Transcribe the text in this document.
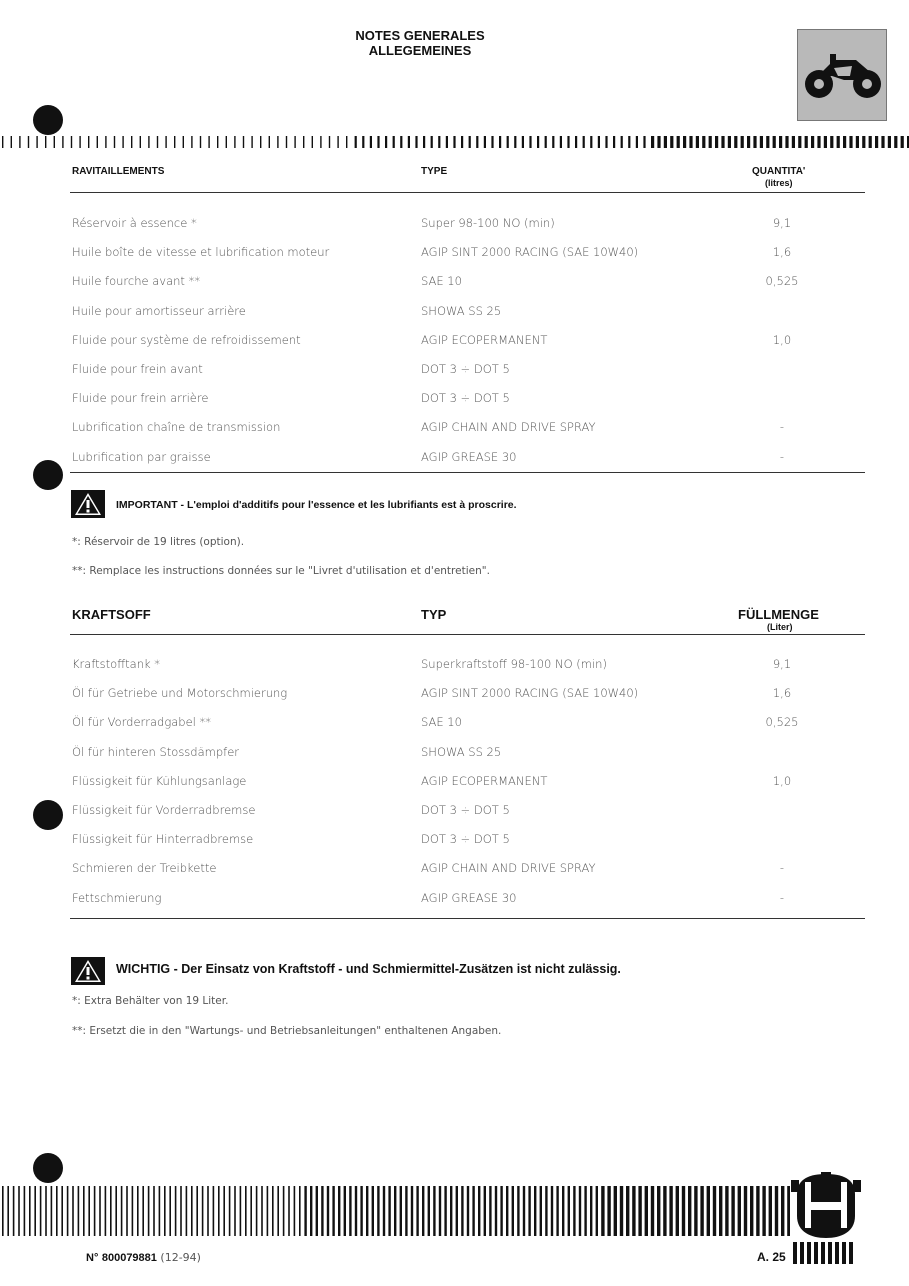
NOTES GENERALES
ALLEGEMEINES
RAVITAILLEMENTS	TYPE	QUANTITA'
(litres)
Réservoir à essence *	Super 98-100 NO (min)	9,1
Huile boîte de vitesse et lubrification moteur	AGIP SINT 2000 RACING (SAE 10W40)	1,6
Huile fourche avant **	SAE 10	0,525
Huile pour amortisseur arrière	SHOWA SS 25
Fluide pour système de refroidissement	AGIP ECOPERMANENT	1,0
Fluide pour frein avant	DOT 3 ÷ DOT 5
Fluide pour frein arrière	DOT 3 ÷ DOT 5
Lubrification chaîne de transmission	AGIP CHAIN AND DRIVE SPRAY	-
Lubrification par graisse	AGIP GREASE 30	-
IMPORTANT - L'emploi d'additifs pour l'essence et les lubrifiants est à proscrire.
*: Réservoir de 19 litres (option).
**: Remplace les instructions données sur le "Livret d'utilisation et d'entretien".
KRAFTSOFF	TYP	FÜLLMENGE
(Liter)
Kraftstofftank *	Superkraftstoff 98-100 NO (min)	9,1
Öl für Getriebe und Motorschmierung	AGIP SINT 2000 RACING (SAE 10W40)	1,6
Öl für Vorderradgabel **	SAE 10	0,525
Öl für hinteren Stossdämpfer	SHOWA SS 25
Flüssigkeit für Kühlungsanlage	AGIP ECOPERMANENT	1,0
Flüssigkeit für Vorderradbremse	DOT 3 ÷ DOT 5
Flüssigkeit für Hinterradbremse	DOT 3 ÷ DOT 5
Schmieren der Treibkette	AGIP CHAIN AND DRIVE SPRAY	-
Fettschmierung	AGIP GREASE 30	-
WICHTIG - Der Einsatz von Kraftstoff - und Schmiermittel-Zusätzen ist nicht zulässig.
*: Extra Behälter von 19 Liter.
**: Ersetzt die in den "Wartungs- und Betriebsanleitungen" enthaltenen Angaben.
N° 800079881 (12-94)	A. 25
